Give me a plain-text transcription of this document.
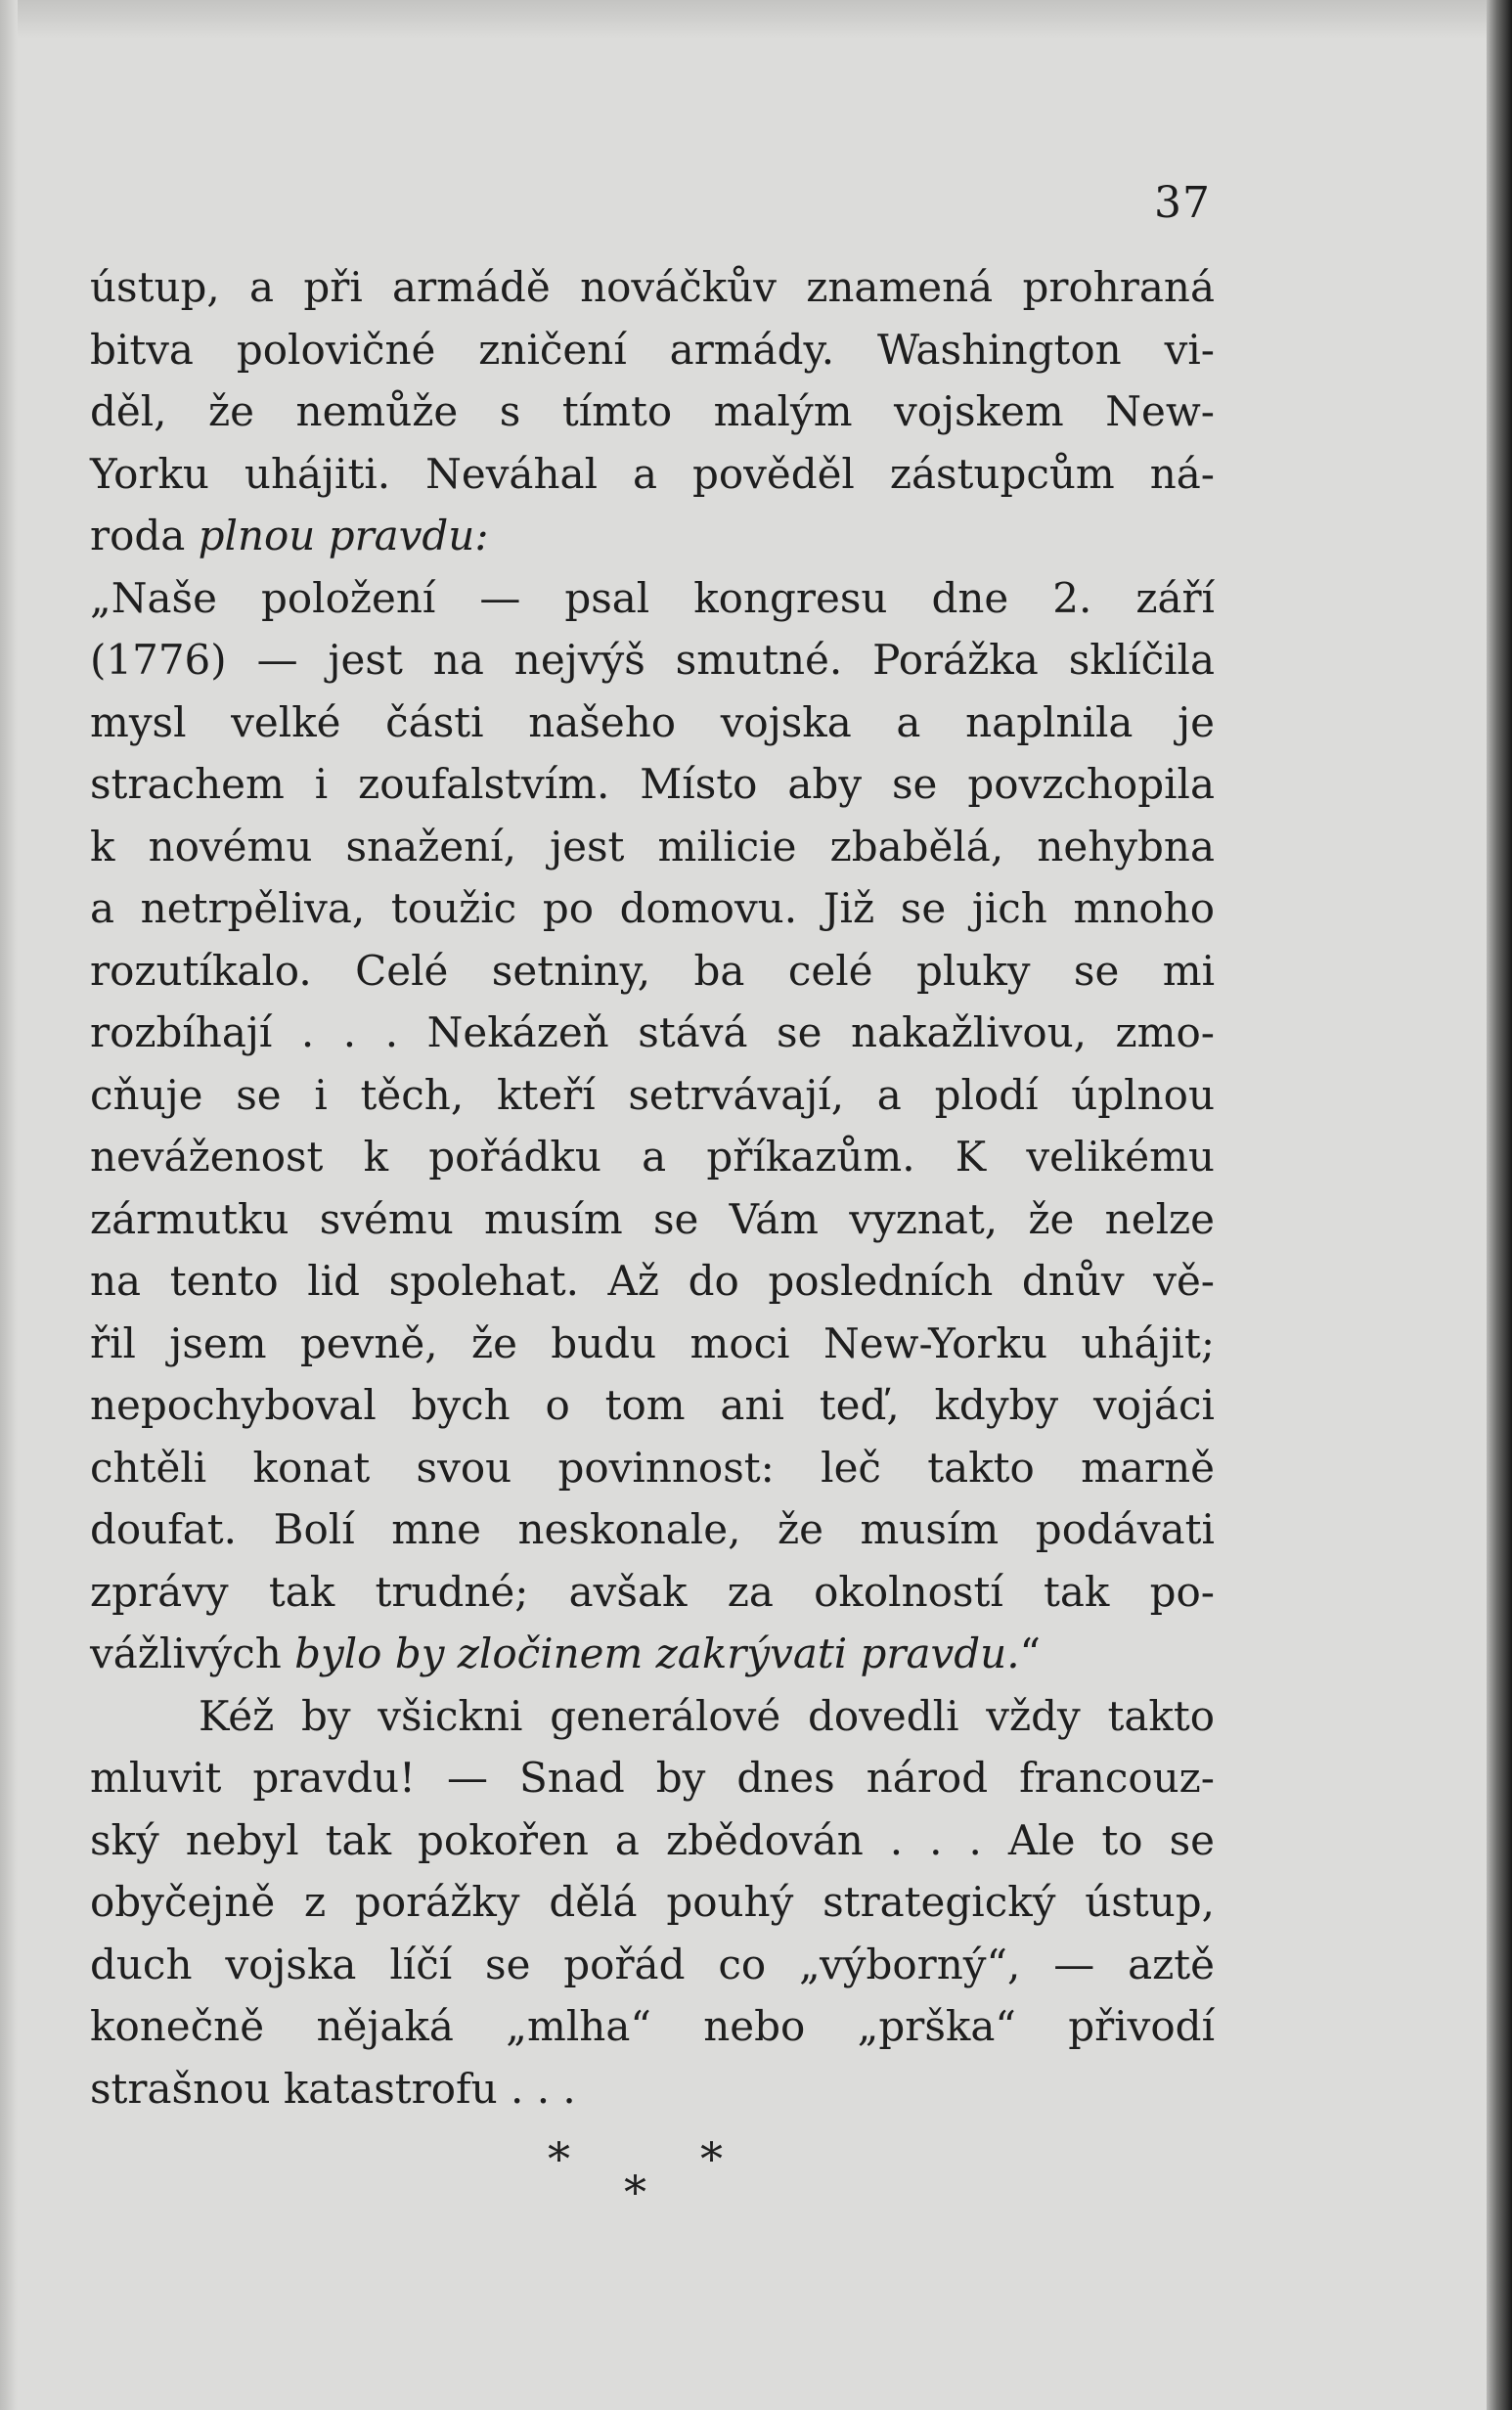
37
ústup, a při armádě nováčkův znamená prohraná
bitva polovičné zničení armády. Washington vi-
děl, že nemůže s tímto malým vojskem New-
Yorku uhájiti. Neváhal a pověděl zástupcům ná-
roda plnou pravdu:
„Naše položení — psal kongresu dne 2. září
(1776) — jest na nejvýš smutné. Porážka sklíčila
mysl velké části našeho vojska a naplnila je
strachem i zoufalstvím. Místo aby se povzchopila
k novému snažení, jest milicie zbabělá, nehybna
a netrpěliva, toužic po domovu. Již se jich mnoho
rozutíkalo. Celé setniny, ba celé pluky se mi
rozbíhají . . . Nekázeň stává se nakažlivou, zmo-
cňuje se i těch, kteří setrvávají, a plodí úplnou
neváženost k pořádku a příkazům. K velikému
zármutku svému musím se Vám vyznat, že nelze
na tento lid spolehat. Až do posledních dnův vě-
řil jsem pevně, že budu moci New-Yorku uhájit;
nepochyboval bych o tom ani teď, kdyby vojáci
chtěli konat svou povinnost: leč takto marně
doufat. Bolí mne neskonale, že musím podávati
zprávy tak trudné; avšak za okolností tak po-
vážlivých bylo by zločinem zakrývati pravdu.“
Kéž by všickni generálové dovedli vždy takto
mluvit pravdu! — Snad by dnes národ francouz-
ský nebyl tak pokořen a zbědován . . . Ale to se
obyčejně z porážky dělá pouhý strategický ústup,
duch vojska líčí se pořád co „výborný“, — aztě
konečně nějaká „mlha“ nebo „prška“ přivodí
strašnou katastrofu . . .
*
*
*
